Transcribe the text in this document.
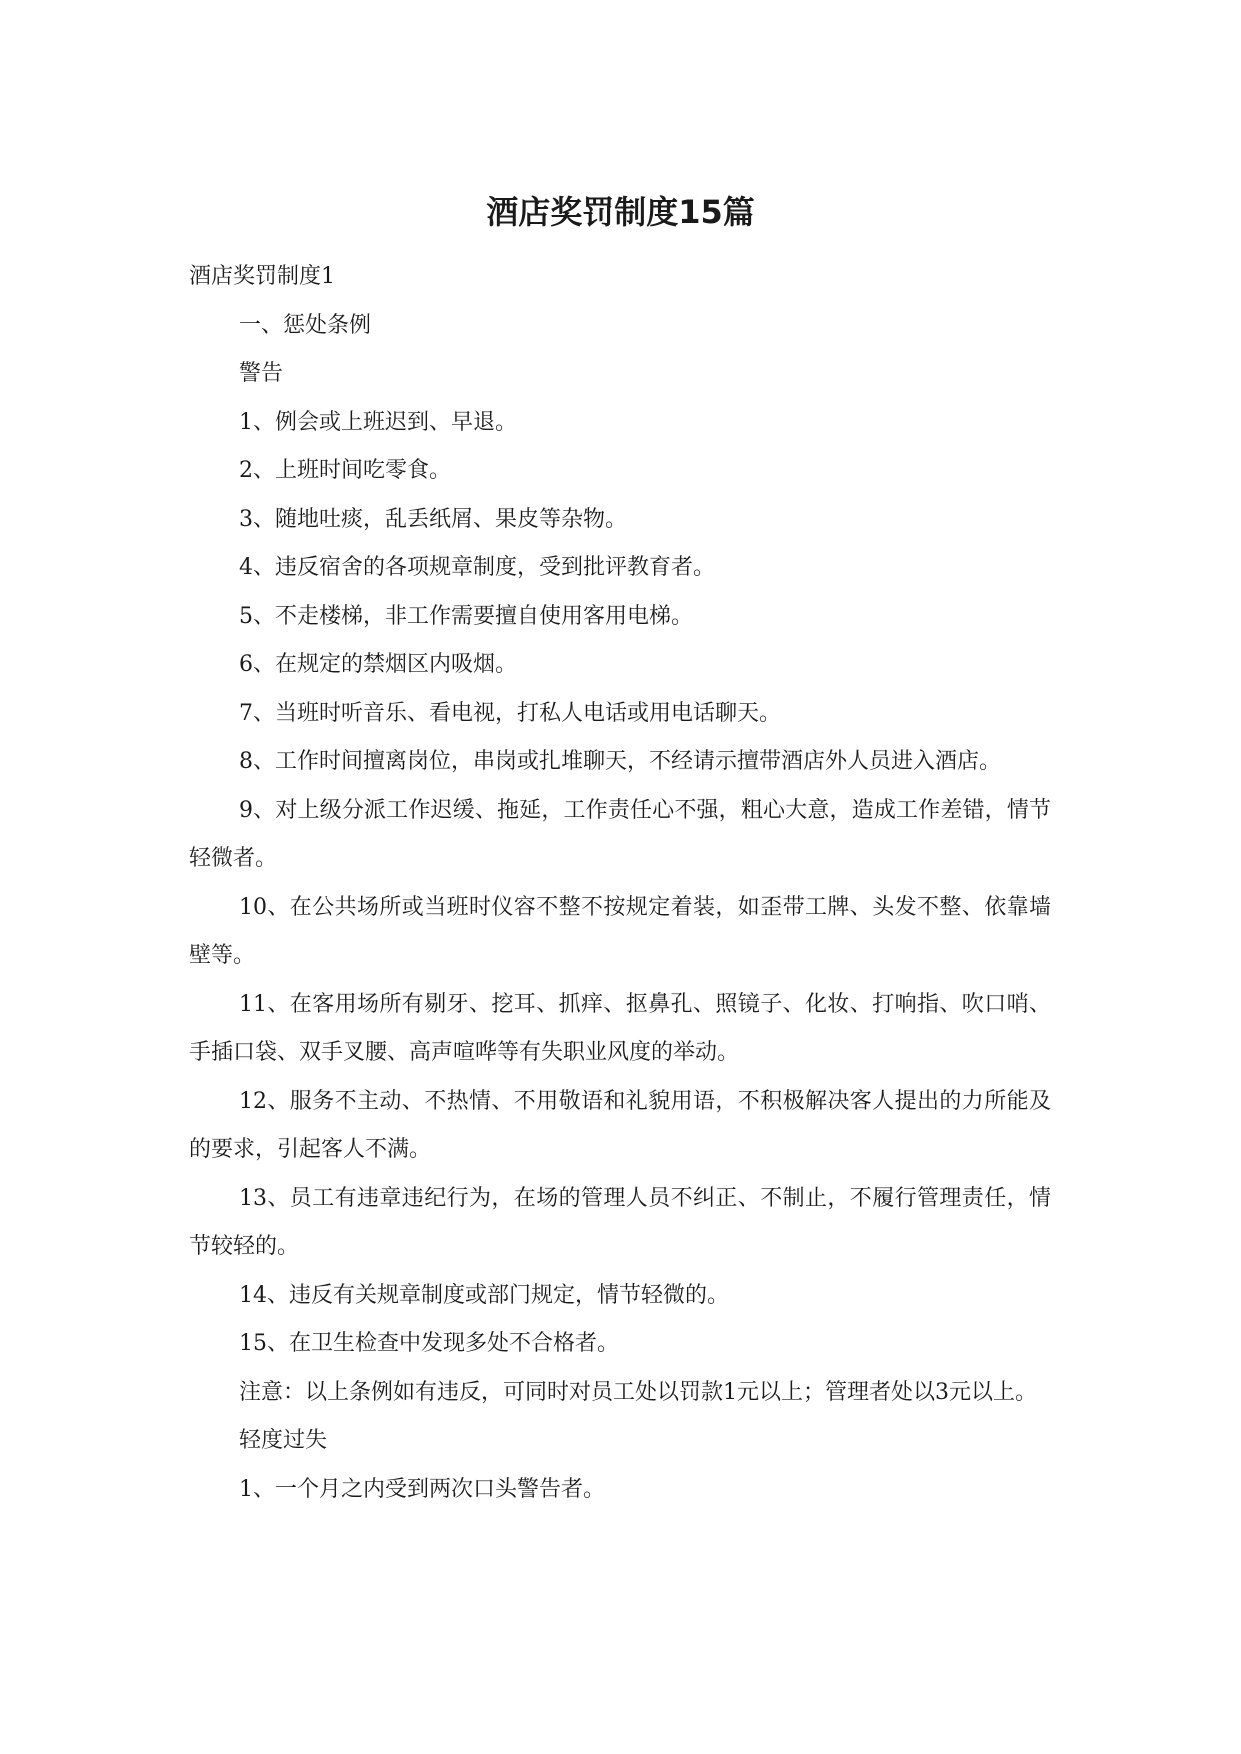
酒店奖罚制度15篇

酒店奖罚制度1

一、惩处条例

警告

1、例会或上班迟到、早退。

2、上班时间吃零食。

3、随地吐痰，乱丢纸屑、果皮等杂物。

4、违反宿舍的各项规章制度，受到批评教育者。

5、不走楼梯，非工作需要擅自使用客用电梯。

6、在规定的禁烟区内吸烟。

7、当班时听音乐、看电视，打私人电话或用电话聊天。

8、工作时间擅离岗位，串岗或扎堆聊天，不经请示擅带酒店外人员进入酒店。

9、对上级分派工作迟缓、拖延，工作责任心不强，粗心大意，造成工作差错，情节轻微者。

10、在公共场所或当班时仪容不整不按规定着装，如歪带工牌、头发不整、依靠墙壁等。

11、在客用场所有剔牙、挖耳、抓痒、抠鼻孔、照镜子、化妆、打响指、吹口哨、手插口袋、双手叉腰、高声喧哗等有失职业风度的举动。

12、服务不主动、不热情、不用敬语和礼貌用语，不积极解决客人提出的力所能及的要求，引起客人不满。

13、员工有违章违纪行为，在场的管理人员不纠正、不制止，不履行管理责任，情节较轻的。

14、违反有关规章制度或部门规定，情节轻微的。

15、在卫生检查中发现多处不合格者。

注意：以上条例如有违反，可同时对员工处以罚款1元以上；管理者处以3元以上。

轻度过失

1、一个月之内受到两次口头警告者。
